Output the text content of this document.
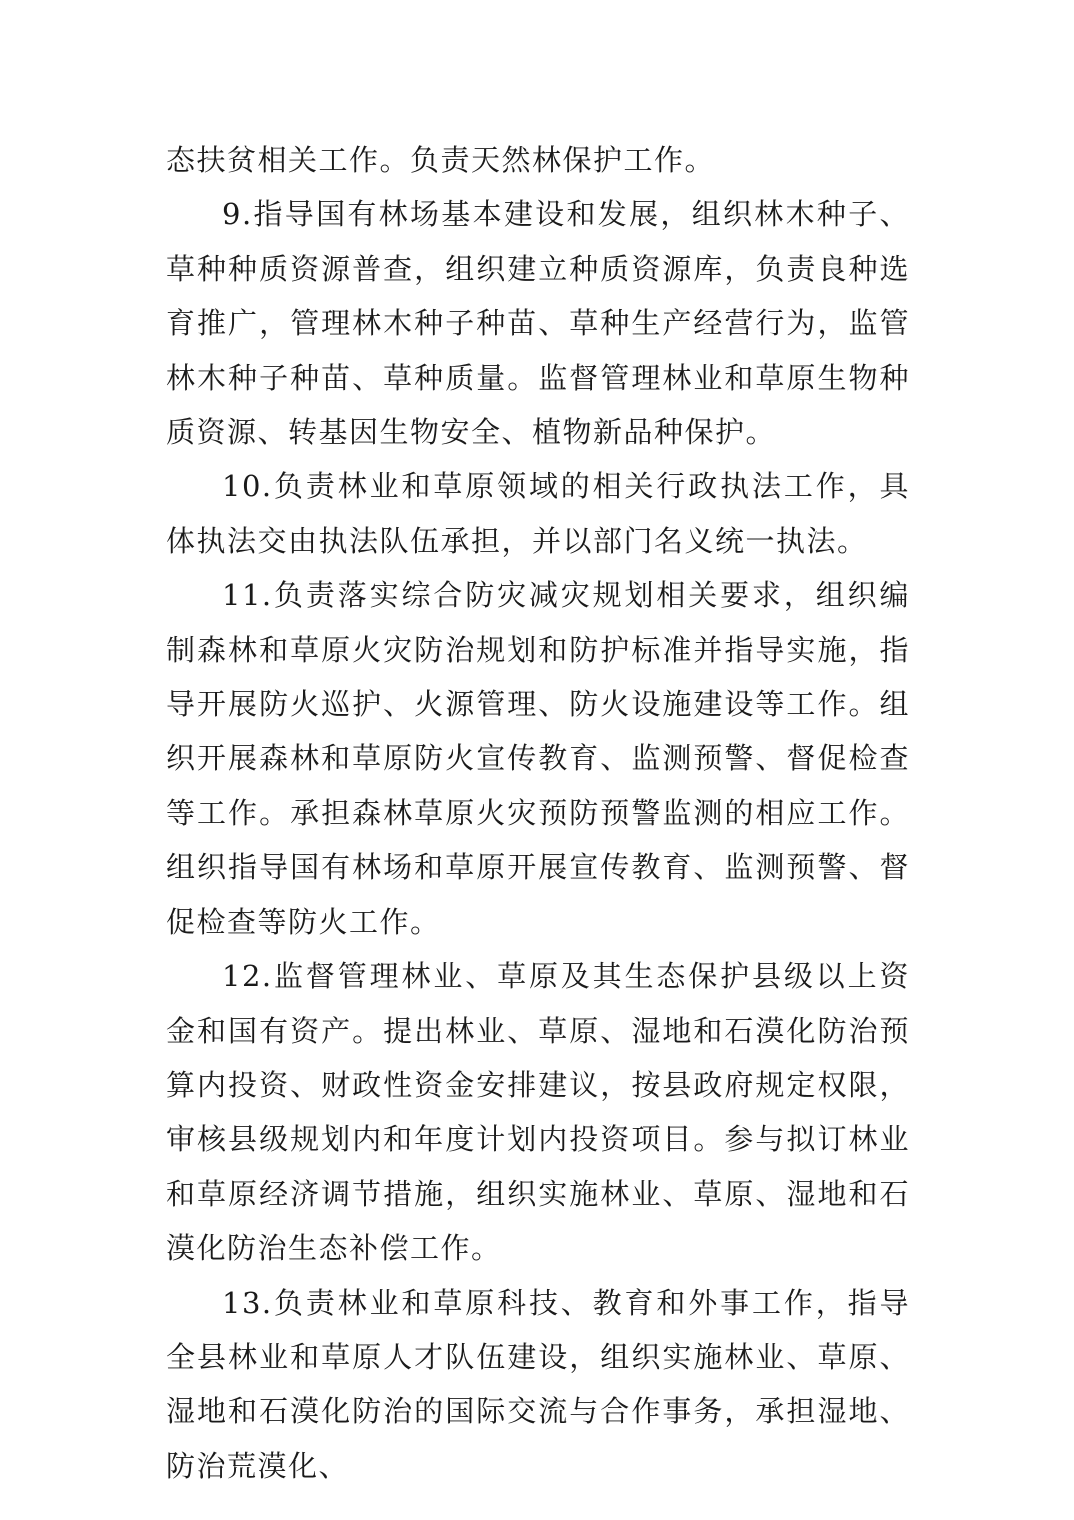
态扶贫相关工作。负责天然林保护工作。

9.指导国有林场基本建设和发展，组织林木种子、草种种质资源普查，组织建立种质资源库，负责良种选育推广，管理林木种子种苗、草种生产经营行为，监管林木种子种苗、草种质量。监督管理林业和草原生物种质资源、转基因生物安全、植物新品种保护。

10.负责林业和草原领域的相关行政执法工作，具体执法交由执法队伍承担，并以部门名义统一执法。

11.负责落实综合防灾减灾规划相关要求，组织编制森林和草原火灾防治规划和防护标准并指导实施，指导开展防火巡护、火源管理、防火设施建设等工作。组织开展森林和草原防火宣传教育、监测预警、督促检查等工作。承担森林草原火灾预防预警监测的相应工作。组织指导国有林场和草原开展宣传教育、监测预警、督促检查等防火工作。

12.监督管理林业、草原及其生态保护县级以上资金和国有资产。提出林业、草原、湿地和石漠化防治预算内投资、财政性资金安排建议，按县政府规定权限，审核县级规划内和年度计划内投资项目。参与拟订林业和草原经济调节措施，组织实施林业、草原、湿地和石漠化防治生态补偿工作。

13.负责林业和草原科技、教育和外事工作，指导全县林业和草原人才队伍建设，组织实施林业、草原、湿地和石漠化防治的国际交流与合作事务，承担湿地、防治荒漠化、
